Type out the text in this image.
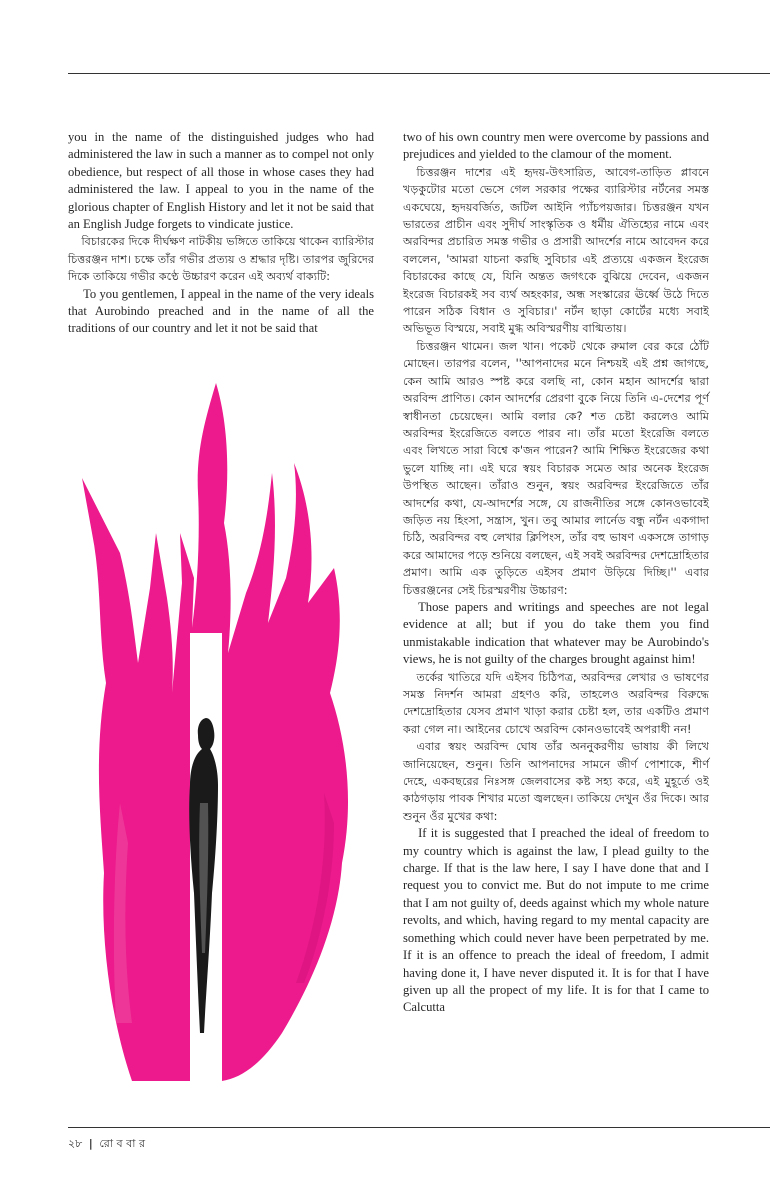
you in the name of the distinguished judges who had administered the law in such a manner as to compel not only obedience, but respect of all those in whose cases they had administered the law. I appeal to you in the name of the glorious chapter of English History and let it not be said that an English Judge forgets to vindicate justice.

বিচারকের দিকে দীর্ঘক্ষণ নাটকীয় ভঙ্গিতে তাকিয়ে থাকেন ব্যারিস্টার চিত্তরঞ্জন দাশ। চক্ষে তাঁর গভীর প্রত্যয় ও শ্রদ্ধার দৃষ্টি। তারপর জুরিদের দিকে তাকিয়ে গভীর কণ্ঠে উচ্চারণ করেন এই অব্যর্থ বাক্যটি:

To you gentlemen, I appeal in the name of the very ideals that Aurobindo preached and in the name of all the traditions of our country and let it not be said that

two of his own country men were overcome by passions and prejudices and yielded to the clamour of the moment.

চিত্তরঞ্জন দাশের এই হৃদয়-উৎসারিত, আবেগ-তাড়িত প্লাবনে খড়কুটোর মতো ভেসে গেল সরকার পক্ষের ব্যারিস্টার নর্টনের সমস্ত একঘেয়ে, হৃদয়বর্জিত, জটিল আইনি প্যাঁচপয়জার। চিত্তরঞ্জন যখন ভারতের প্রাচীন এবং সুদীর্ঘ সাংস্কৃতিক ও ধর্মীয় ঐতিহ্যের নামে এবং অরবিন্দর প্রচারিত সমস্ত গভীর ও প্রসারী আদর্শের নামে আবেদন করে বললেন, 'আমরা যাচনা করছি সুবিচার এই প্রত্যয়ে একজন ইংরেজ বিচারকের কাছে যে, যিনি অন্তত জগৎকে বুঝিয়ে দেবেন, একজন ইংরেজ বিচারকই সব ব্যর্থ অহংকার, অন্ধ সংস্কারের ঊর্ধ্বে উঠে দিতে পারেন সঠিক বিধান ও সুবিচার।' নর্টন ছাড়া কোর্টের মধ্যে সবাই অভিভূত বিস্ময়ে, সবাই মুগ্ধ অবিস্মরণীয় বাগ্মিতায়।

চিত্তরঞ্জন থামেন। জল খান। পকেট থেকে রুমাল বের করে ঠোঁট মোছেন। তারপর বলেন, ''আপনাদের মনে নিশ্চয়ই এই প্রশ্ন জাগছে, কেন আমি আরও স্পষ্ট করে বলছি না, কোন মহান আদর্শের দ্বারা অরবিন্দ প্রাণিত। কোন আদর্শের প্রেরণা বুকে নিয়ে তিনি এ-দেশের পূর্ণ স্বাধীনতা চেয়েছেন। আমি বলার কে? শত চেষ্টা করলেও আমি অরবিন্দর ইংরেজিতে বলতে পারব না। তাঁর মতো ইংরেজি বলতে এবং লিখতে সারা বিশ্বে ক'জন পারেন? আমি শিক্ষিত ইংরেজের কথা ভুলে যাচ্ছি না। এই ঘরে স্বয়ং বিচারক সমেত আর অনেক ইংরেজ উপস্থিত আছেন। তাঁরাও শুনুন, স্বয়ং অরবিন্দর ইংরেজিতে তাঁর আদর্শের কথা, যে-আদর্শের সঙ্গে, যে রাজনীতির সঙ্গে কোনওভাবেই জড়িত নয় হিংসা, সন্ত্রাস, খুন। তবু আমার লার্নেড বন্ধু নর্টন একগাদা চিঠি, অরবিন্দর বহু লেখার ক্লিপিংস, তাঁর বহু ভাষণ একসঙ্গে তাগাড় করে আমাদের পড়ে শুনিয়ে বলছেন, এই সবই অরবিন্দর দেশদ্রোহিতার প্রমাণ। আমি এক তুড়িতে এইসব প্রমাণ উড়িয়ে দিচ্ছি।'' এবার চিত্তরঞ্জনের সেই চিরস্মরণীয় উচ্চারণ:

Those papers and writings and speeches are not legal evidence at all; but if you do take them you find unmistakable indication that whatever may be Aurobindo's views, he is not guilty of the charges brought against him!

তর্কের খাতিরে যদি এইসব চিঠিপত্র, অরবিন্দর লেখার ও ভাষণের সমস্ত নিদর্শন আমরা গ্রহণও করি, তাহলেও অরবিন্দর বিরুদ্ধে দেশদ্রোহিতার যেসব প্রমাণ খাড়া করার চেষ্টা হল, তার একটিও প্রমাণ করা গেল না। আইনের চোখে অরবিন্দ কোনওভাবেই অপরাধী নন!

এবার স্বয়ং অরবিন্দ ঘোষ তাঁর অননুকরণীয় ভাষায় কী লিখে জানিয়েছেন, শুনুন। তিনি আপনাদের সামনে জীর্ণ পোশাকে, শীর্ণ দেহে, একবছরের নিঃসঙ্গ জেলবাসের কষ্ট সহ্য করে, এই মুহূর্তে ওই কাঠগড়ায় পাবক শিখার মতো জ্বলছেন। তাকিয়ে দেখুন ওঁর দিকে। আর শুনুন ওঁর মুখের কথা:

If it is suggested that I preached the ideal of freedom to my country which is against the law, I plead guilty to the charge. If that is the law here, I say I have done that and I request you to convict me. But do not impute to me crime that I am not guilty of, deeds against which my whole nature revolts, and which, having regard to my mental capacity are something which could never have been perpetrated by me. If it is an offence to preach the ideal of freedom, I admit having done it, I have never disputed it. It is for that I have given up all the propect of my life. It is for that I came to Calcutta

২৮ | রো ব বা র
